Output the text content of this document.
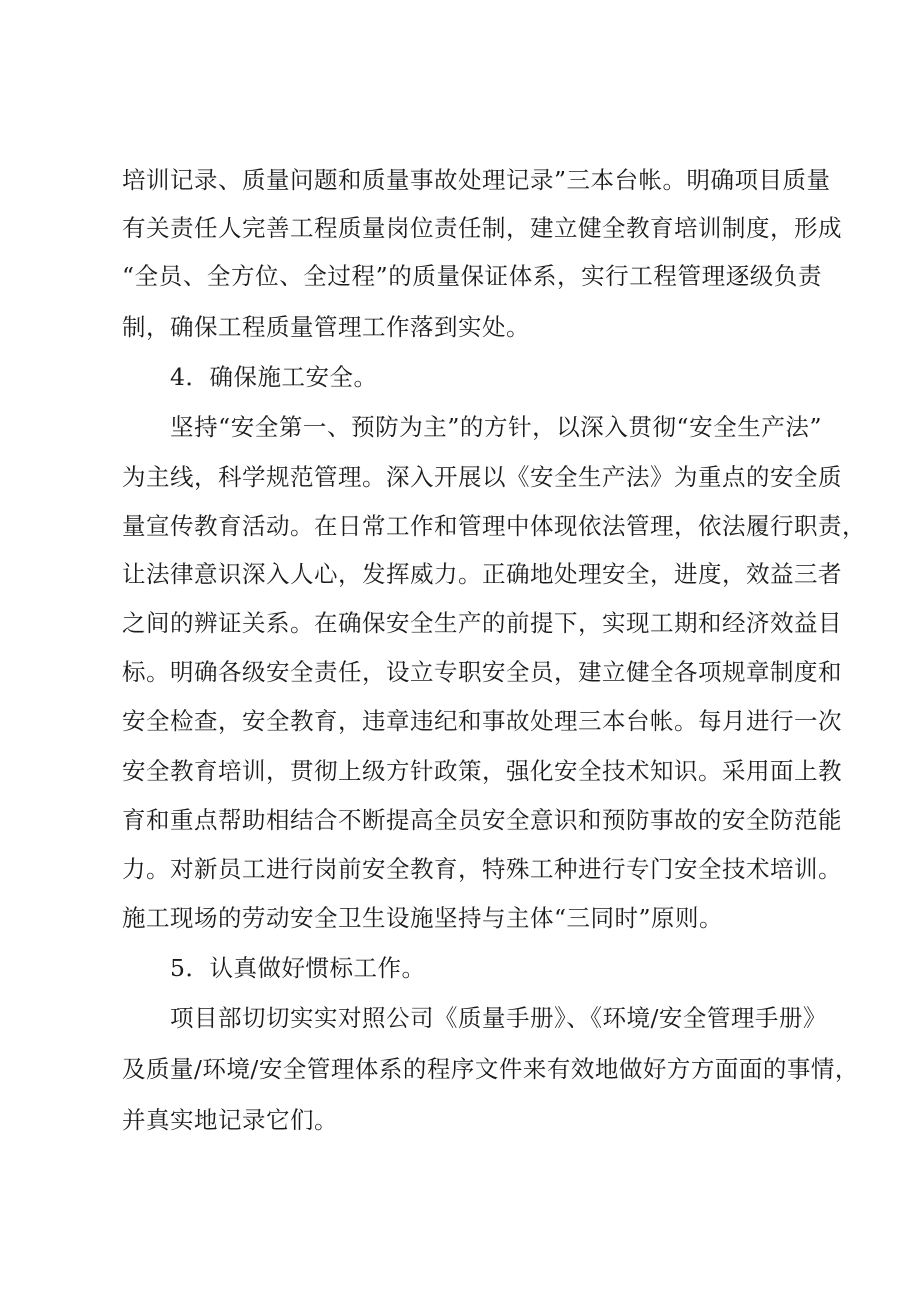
培训记录、质量问题和质量事故处理记录”三本台帐。明确项目质量
有关责任人完善工程质量岗位责任制，建立健全教育培训制度，形成
“全员、全方位、全过程”的质量保证体系，实行工程管理逐级负责
制，确保工程质量管理工作落到实处。
4．确保施工安全。
坚持“安全第一、预防为主”的方针，以深入贯彻“安全生产法”
为主线，科学规范管理。深入开展以《安全生产法》为重点的安全质
量宣传教育活动。在日常工作和管理中体现依法管理，依法履行职责，
让法律意识深入人心，发挥威力。正确地处理安全，进度，效益三者
之间的辨证关系。在确保安全生产的前提下，实现工期和经济效益目
标。明确各级安全责任，设立专职安全员，建立健全各项规章制度和
安全检查，安全教育，违章违纪和事故处理三本台帐。每月进行一次
安全教育培训，贯彻上级方针政策，强化安全技术知识。采用面上教
育和重点帮助相结合不断提高全员安全意识和预防事故的安全防范能
力。对新员工进行岗前安全教育，特殊工种进行专门安全技术培训。
施工现场的劳动安全卫生设施坚持与主体“三同时”原则。
5．认真做好惯标工作。
项目部切切实实对照公司《质量手册》、《环境/安全管理手册》
及质量/环境/安全管理体系的程序文件来有效地做好方方面面的事情，
并真实地记录它们。
